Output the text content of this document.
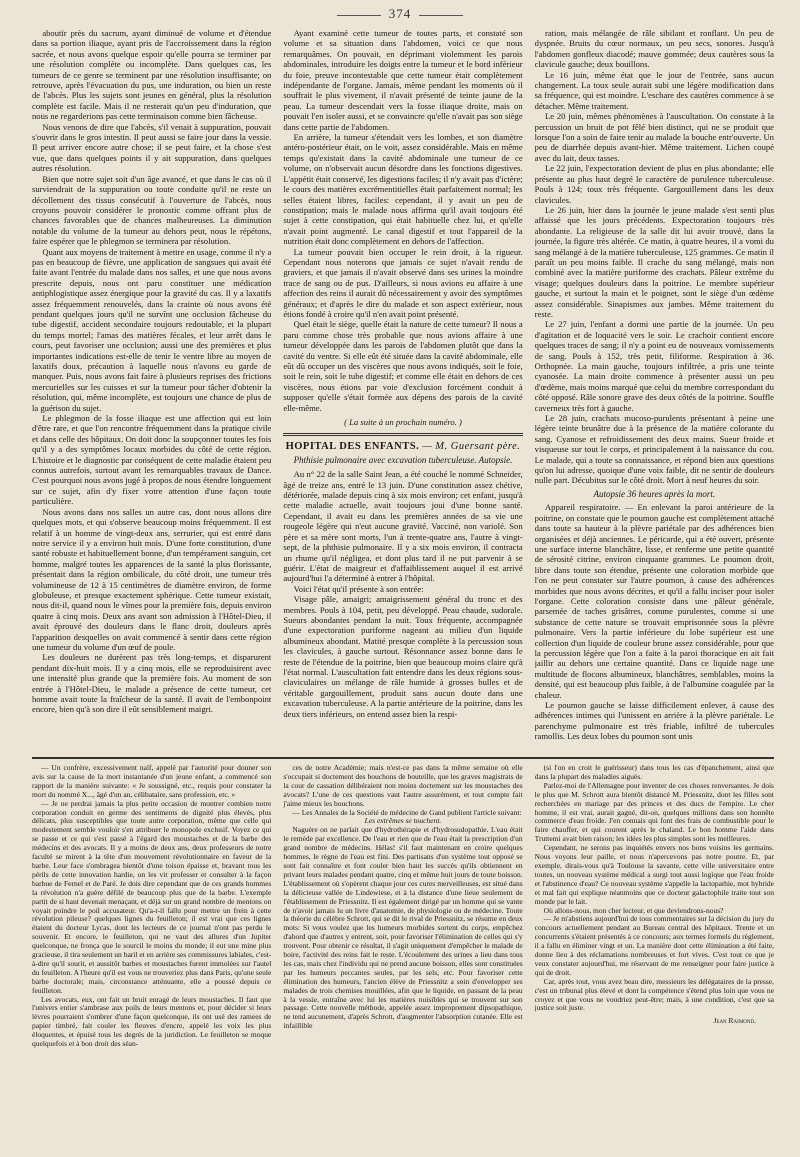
374

aboutïr près du sacrum, ayant diminué de volume et d'étendue dans sa portion iliaque, ayant pris de l'accroissement dans la région sacrée, et nous avons quelque espoir qu'elle pourra se terminer par une résolution complète ou incomplète. Dans quelques cas, les tumeurs de ce genre se terminent par une résolution insuffisante; on retrouve, après l'évacuation du pus, une induration, ou bien un reste de l'abcès. Plus les sujets sont jeunes en général, plus la résolution complète est facile. Mais il ne resterait qu'un peu d'induration, que nous ne regarderions pas cette terminaison comme bien fâcheuse.

Nous venons de dire que l'abcès, s'il venait à suppuration, pouvait s'ouvrir dans le gros intestin. Il peut aussi se faire jour dans la vessie. Il peut arriver encore autre chose; il se peut faire, et la chose s'est vue, que dans quelques points il y ait suppuration, dans quelques autres résolution.

Bien que notre sujet soit d'un âge avancé, et que dans le cas où il surviendrait de la suppuration ou toute conduite qu'il ne reste un décollement des tissus consécutif à l'ouverture de l'abcès, nous croyons pouvoir considérer le pronostic comme offrant plus de chances favorables que de chances malheureuses. La diminution notable du volume de la tumeur au dehors peut, nous le répétons, faire espérer que le phlegmon se terminera par résolution.

Quant aux moyens de traitement à mettre en usage, comme il n'y a pas en beaucoup de fièvre, une application de sangsues qui avait été faite avant l'entrée du malade dans nos salles, et une que nous avons prescrite depuis, nous ont paru constituer une médication antiphlogistique assez énergique pour la gravité du cas. Il y a laxatifs assez fréquemment renouvelés, dans la crainte où nous avons été pendant quelques jours qu'il ne survînt une occlusion fâcheuse du tube digestif, accident secondaire toujours redoutable, et la plupart du temps mortel; l'amas des matières fécales, et leur arrêt dans le cours, peut favoriser une occlusion; aussi une des premières et plus importantes indications est-elle de tenir le ventre libre au moyen de laxatifs doux, précaution à laquelle nous n'avons eu garde de manquer. Puis, nous avons fait faire à plusieurs reprises des frictions mercurielles sur les cuisses et sur la tumeur pour tâcher d'obtenir la résolution, qui, même incomplète, est toujours une chance de plus de la guérison du sujet.

Le phlegmon de la fosse iliaque est une affection qui est loin d'être rare, et que l'on rencontre fréquemment dans la pratique civile et dans celle des hôpitaux. On doit donc la soupçonner toutes les fois qu'il y a des symptômes locaux morbides du côté de cette région. L'histoire et le diagnostic par conséquent de cette maladie étaient peu connus autrefois, surtout avant les remarquables travaux de Dance. C'est pourquoi nous avons jugé à propos de nous étendre longuement sur ce sujet, afin d'y fixer votre attention d'une façon toute particulière.

Nous avons dans nos salles un autre cas, dont nous allons dire quelques mots, et qui s'observe beaucoup moins fréquemment. Il est relatif à un homme de vingt-deux ans, serrurier, qui est entré dans notre service il y a environ huit mois. D'une forte constitution, d'une santé robuste et habituellement bonne, d'un tempérament sanguin, cet homme, malgré toutes les apparences de la santé la plus florissante, présentait dans la région ombilicale, du côté droit, une tumeur très volumineuse de 12 à 15 centimètres de diamètre environ, de forme globuleuse, et presque exactement sphérique. Cette tumeur existait, nous dit-il, quand nous le vîmes pour la première fois, depuis environ quatre à cinq mois. Deux ans avant son admission à l'Hôtel-Dieu, il avait éprouvé des douleurs dans le flanc droit, douleurs après l'apparition desquelles on avait commencé à sentir dans cette région une tumeur du volume d'un œuf de poule.

Les douleurs ne durèrent pas très long-temps, et disparurent pendant dix-huit mois. Il y a cinq mois, elle se reproduisirent avec une intensité plus grande que la première fois. Au moment de son entrée à l'Hôtel-Dieu, le malade a présence de cette tumeur, cet homme avait toute la fraîcheur de la santé. Il avait de l'embonpoint encore, bien qu'à son dire il eût sensiblement maigri.

Ayant examiné cette tumeur de toutes parts, et constaté son volume et sa situation dans l'abdomen, voici ce que nous remarquâmes. On pouvait, en déprimant violemment les parois abdominales, introduire les doigts entre la tumeur et le bord inférieur du foie, preuve incontestable que cette tumeur était complètement indépendante de l'organe. Jamais, même pendant les moments où il souffrait le plus vivement, il n'avait présenté de teinte jaune de la peau. La tumeur descendait vers la fosse iliaque droite, mais on pouvait l'en isoler aussi, et se convaincre qu'elle n'avait pas son siège dans cette partie de l'abdomen.

En arrière, la tumeur s'étendait vers les lombes, et son diamètre antéro-postérieur était, on le voit, assez considérable. Mais en même temps qu'existait dans la cavité abdominale une tumeur de ce volume, on n'observait aucun désordre dans les fonctions digestives. L'appétit était conservé, les digestions faciles; il n'y avait pas d'ictère; le cours des matières excrémentitielles était parfaitement normal; les selles étaient libres, faciles: cependant, il y avait un peu de constipation; mais le malade nous affirma qu'il avait toujours été sujet à cette constipation, qui était habituelle chez lui, et qu'elle n'avait point augmenté. Le canal digestif et tout l'appareil de la nutrition était donc complètement en dehors de l'affection.

La tumeur pouvait bien occuper le rein droit, à la rigueur. Cependant nous noterons que jamais ce sujet n'avait rendu de graviers, et que jamais il n'avait observé dans ses urines la moindre trace de sang ou de pus. D'ailleurs, si nous avions eu affaire à une affection des reins il aurait dû nécessairement y avoir des symptômes généraux; et d'après le dire du malade et son aspect extérieur, nous étions fondé à croire qu'il n'en avait point présenté.

Quel était le siège, quelle était la nature de cette tumeur? Il nous a paru comme chose très probable que nous avions affaire à une tumeur développée dans les parois de l'abdomen plutôt que dans la cavité du ventre. Si elle eût été située dans la cavité abdominale, elle eût dû occuper un des viscères que nous avons indiqués, soit le foie, soit le rein, soit le tube digestif; et comme elle était en dehors de ces viscères, nous étions par voie d'exclusion forcément conduit à supposer qu'elle s'était formée aux dépens des parois de la cavité elle-même.

( La suite à un prochain numéro. )
HOPITAL DES ENFANTS. — M. Guersant père.
Phthisie pulmonaire avec excavation tuberculeuse. Autopsie.

Au n° 22 de la salle Saint Jean, a été couché le nommé Schneider, âgé de treize ans, entré le 13 juin. D'une constitution assez chétive, détériorée, malade depuis cinq à six mois environ; cet enfant, jusqu'à cette maladie actuelle, avait toujours joui d'une bonne santé. Cependant, il avait eu dans les premières années de sa vie une rougeole légère qui n'eut aucune gravité. Vacciné, non variolé. Son père et sa mère sont morts, l'un à trente-quatre ans, l'autre à vingt-sept, de la phthisie pulmonaire. Il y a six mois environ, il contracta un rhume qu'il négligea, et dont plus tard il ne put parvenir à se guérir. L'état de maigreur et d'affaiblissement auquel il est arrivé aujourd'hui l'a déterminé à entrer à l'hôpital.

Voici l'état qu'il présente à son entrée:

Visage pâle, amaigri; amaigrissement général du tronc et des membres. Pouls à 104, petit, peu développé. Peau chaude, sudorale. Sueurs abondantes pendant la nuit. Toux fréquente, accompagnée d'une expectoration puriforme nageant au milieu d'un liquide albumineux abondant. Matité presque complète à la percussion sous les clavicules, à gauche surtout. Résonnance assez bonne dans le reste de l'étendue de la poitrine, bien que beaucoup moins claire qu'à l'état normal. L'auscultation fait entendre dans les deux régions sous-claviculaires un mélange de râle humide à grosses bulles et de véritable gargouillement, produit sans aucun doute dans une excavation tuberculeuse. A la partie antérieure de la poitrine, dans les deux tiers inférieurs, on entend assez bien la respi-

ration, mais mélangée de râle sibilant et ronflant. Un peu de dyspnée. Bruits du cœur normaux, un peu secs, sonores. Jusqu'à l'abdomen gonfleux diacodé; mauve gommée; deux cautères sous la clavicule gauche; deux bouillons.

Le 16 juin, même état que le jour de l'entrée, sans aucun changement. La toux seule aurait subi une légère modification dans sa fréquence, qui est moindre. L'eschare des cautères commence à se détacher. Même traitement.

Le 20 juin, mêmes phénomènes à l'auscultation. On constate à la percussion un bruit de pot fêlé bien distinct, qui ne se produit que lorsque l'on a soin de faire tenir au malade la bouche entr'ouverte. Un peu de diarrhée depuis avant-hier. Même traitement. Lichen coupé avec du lait, deux tasses.

Le 22 juin, l'expectoration devient de plus en plus abondante; elle présente au plus haut degré le caractère de purulence tuberculeuse. Pouls à 124; toux très fréquente. Gargouillement dans les deux clavicules.

Le 26 juin, hier dans la journée le jeune malade s'est senti plus affaissé que les jours précédents. Expectoration toujours très abondante. La religieuse de la salle dit lui avoir trouvé, dans la journée, la figure très altérée. Ce matin, à quatre heures, il a vomi du sang mélangé à de la matière tuberculeuse, 125 grammes. Ce matin il paraît un peu moins faible. Il crache du sang mélangé, mais non combiné avec la matière puriforme des crachats. Pâleur extrême du visage; quelques douleurs dans la poitrine. Le membre supérieur gauche, et surtout la main et le poignet, sont le siège d'un œdème assez considérable. Sinapismes aux jambes. Même traitement du reste.

Le 27 juin, l'enfant a dormi une partie de la journée. Un peu d'agitation et de loquacité vers le soir. Le crachoir contient encore quelques traces de sang; il n'y a point eu de nouveaux vomissements de sang. Pouls à 152, très petit, filiforme. Respiration à 36. Orthopnée. La main gauche, toujours infiltrée, a pris une teinte cyanosée. La main droite commence à présenter aussi un peu d'œdème, mais moins marqué que celui du membre correspondant du côté opposé. Râle sonore grave des deux côtés de la poitrine. Souffle caverneux très fort à gauche.

Le 28 juin, crachats mucoso-purulents présentant à peine une légère teinte brunâtre due à la présence de la matière colorante du sang. Cyanose et refroidissement des deux mains. Sueur froide et visqueuse sur tout le corps, et principalement à la naissance du cou. Le malade, qui a toute sa connaissance, et répond bien aux questions qu'on lui adresse, quoique d'une voix faible, dit ne sentir de douleurs nulle part. Décubitus sur le côté droit. Mort à neuf heures du soir.

Autopsie 36 heures après la mort.

Appareil respiratoire. — En enlevant la paroi antérieure de la poitrine, on constate que le poumon gauche est complètement attaché dans toute sa hauteur à la plèvre pariétale par des adhérences bien organisées et déjà anciennes. Le péricarde, qui a été ouvert, présente une surface interne blanchâtre, lisse, et renferme une petite quantité de sérosité citrine, environ cinquante grammes. Le poumon droit, libre dans toute son étendue, présente une coloration morbide que l'on ne peut constater sur l'autre poumon, à cause des adhérences morbides que nous avons décrites, et qu'il a fallu inciser pour isoler l'organe. Cette coloration consiste dans une pâleur générale, parsemée de taches grisâtres, comme purulentes, comme si une substance de cette nature se trouvait emprisonnée sous la plèvre pulmonaire. Vers la partie inférieure du lobe supérieur est une collection d'un liquide de couleur brune assez considérable, pour que la percussion légère que l'on a faite à la paroi thoracique en ait fait jaillir au dehors une certaine quantité. Dans ce liquide nage une multitude de flocons albumineux, blanchâtres, semblables, moins la densité, qui est beaucoup plus faible, à de l'albumine coagulée par la chaleur.

Le poumon gauche se laisse difficilement enlever, à cause des adhérences intimes qui l'unissent en arrière à la plèvre pariétale. Le parenchyme pulmonaire est très friable, infiltré de tubercules ramollis. Les deux lobes du poumon sont unis

— Un confrère, excessivement naïf, appelé par l'autorité pour donner son avis sur la cause de la mort instantanée d'un jeune enfant, a commencé son rapport de la manière suivante: « Je soussigné, etc., requis pour constater la mort du nommé X..., âgé d'un an, célibataire, sans profession, etc. »

— Je ne perdrai jamais la plus petite occasion de montrer combien notre corporation conduit en germe des sentiments de dignité plus élevés, plus délicats, plus susceptibles que toute autre corporation, même que celle qui modestement semble vouloir s'en attribuer le monopole exclusif. Voyez ce qui se passe et ce qui s'est passé à l'égard des moustaches et de la barbe des médecins et des avocats. Il y a moins de deux ans, deux professeurs de notre faculté se mirent à la tête d'un mouvement révolutionnaire en faveur de la barbe. Leur face s'ombragea bientôt d'une toison épaisse et, bravant tous les périls de cette innovation hardie, on les vit professer et consulter à la façon barbue de Fernel et de Paré. Je dois dire cependant que de ces grands hommes la révolution n'a guère défilé de beaucoup plus que de la barbe. L'exemple partit de si haut devenait menaçant, et déjà sur un grand nombre de mentons on voyait poindre le poil accusateur. Qu'a-t-il fallu pour mettre un frein à cette révolution pileuse? quelques lignes du feuilleton; il est vrai que ces lignes étaient du docteur Lycas, dont les lecteurs de ce journal n'ont pas perdu le souvenir. Et encore, le feuilleton, qui ne vaut des allures d'un Jupiter quelconque, ne fronça que le sourcil le moins du monde; il eut une mine plus gracieuse, il tira seulement un baril et en arrière ses commissures labiales, c'est-à-dire qu'il sourit, et aussitôt barbes et moustaches furent immolées sur l'autel du feuilleton. A l'heure qu'il est vous ne trouveriez plus dans Paris, qu'une seule barbe doctorale; mais, circonstance atténuante, elle a poussé depuis ce feuilleton.

Les avocats, eux, ont fait un bruit enragé de leurs moustaches. Il faut que l'univers entier s'ambrase aux poils de leurs mentons et, pour décider si leurs lèvres pourraient s'ombrer d'une façon quelconque, ils ont usé des ramees de papier timbré, fait couler les fleuves d'encre, appelé les voix les plus éloquentes, et épuisé tous les degrés de la juridiction. Le feuilleton se moque quelquefois et à bon droit des séan-

ces de notre Académie; mais n'est-ce pas dans la même semaine où elle s'occupait si doctement des bouchons de bouteille, que les graves magistrats de la cour de cassation délibéraient non moins doctement sur les moustaches des avocats? L'une de ces questions vaut l'autre assurément, et tout compte fait j'aime mieux les bouchons.

— Les Annales de la Société de médecine de Gand publient l'article suivant:

Les extrêmes se touchent.

Naguère on ne parlait que d'hydrothérapie et d'hydrosudopathie. L'eau était le remède par excellence. De l'eau et rien que de l'eau était la prescription d'un grand nombre de médecins. Hélas! s'il faut maintenant en croire quelques hommes, le règne de l'eau est fini. Des partisans d'un système tout opposé se sont fait connaître et font couler bien haut les succès qu'ils obtiennent en privant leurs malades pendant quatre, cinq et même huit jours de toute boisson. L'établissement où s'opèrent chaque jour ces cures merveilleuses, est situé dans la délicieuse vallée de Lindewiese, et à la distance d'une lieue seulement de l'établissement de Priessnitz. Il est également dirigé par un homme qui se vante de n'avoir jamais lu un livre d'anatomie, de physiologie ou de médecine. Toute la théorie du célèbre Schrott, qui se dit le rival de Priessnitz, se résume en deux mots: Si vous voulez que les humeurs morbides sortent du corps, empêchez d'abord que d'autres y entrent, soit, pour favoriser l'élimination de celles qui s'y trouvent. Pour obtenir ce résultat, il s'agit uniquement d'empêcher le malade de boire, l'activité des reins fait le reste. L'écoulement des urines a lieu dans tous les cas, mais chez l'individu qui ne prend aucune boisson, elles sont constituées par les humeurs peccantes seules, par les sels, etc. Pour favoriser cette élimination des humeurs, l'ancien élève de Priessnitz a soin d'envelopper ses malades de trois chemises mouillées, afin que le liquide, en passant de la peau à la vessie, entraîne avec lui les matières nuisibles qui se trouvent sur son passage. Cette nouvelle méthode, appelée assez improprement dipsopathique, ne tend aucunement, d'après Schrott, d'augmenter l'absorption cutanée. Elle est infaillible

(si l'on en croit le guérisseur) dans tous les cas d'épanchement, ainsi que dans la plupart des maladies aiguës.

Parlez-moi de l'Allemagne pour inventer de ces choses renversantes. Je dois le plus que M. Schrott aura bientôt distancé M. Priessnitz, dont les filles sont recherchées en mariage par des princes et des ducs de l'empire. Le cher homme, il est vrai, aurait gagné, dit-on, quelques millions dans son honnête commerce d'eau froide. J'en connais qui font des frais de combustible pour le faire chauffer, et qui courent après le chaland. Le bon homme l'aide dans Truttemi avait bien raison; les idées les plus simples sont les meilleures.

Cependant, ne serons pas inquiétés envers nos bons voisins les germains. Nous voyons leur paille, et nous n'apercevons pas notre poutre. Et, par exemple, dirais-vous qu'à Toulouse la savante, cette ville universitaire entre toutes, un nouveau système médical a surgi tout aussi logique que l'eau froide et l'abstinence d'eau? Ce nouveau système s'appelle la lactopathie, mot hybride et mal fait qui explique néanmoins que ce docteur galactophile traite tout son monde par le lait.

Où allons-nous, mon cher lecteur, et que deviendrons-nous?

— Je m'abstiens aujourd'hui de tous commentaires sur la décision du jury du concours actuellement pendant au Bureau central des hôpitaux. Trente et un concurrents s'étaient présentés à ce concours; aux termes formels du règlement, il a fallu en éliminer vingt et un. La manière dont cette élimination a été faite, donne lieu à des réclamations nombreuses et fort vives. C'est tout ce que je veux constater aujourd'hui, me réservant de me renseigner pour faire justice à qui de droit.

Car, après tout, vous avez beau dire, messieurs les délégataires de la presse, c'est un tribunal plus élevé et dont la compétence s'étend plus loin que vous ne croyez et que vous ne voudriez peut-être; mais, à une condition, c'est que sa justice soit juste.

Jean Raimond.
